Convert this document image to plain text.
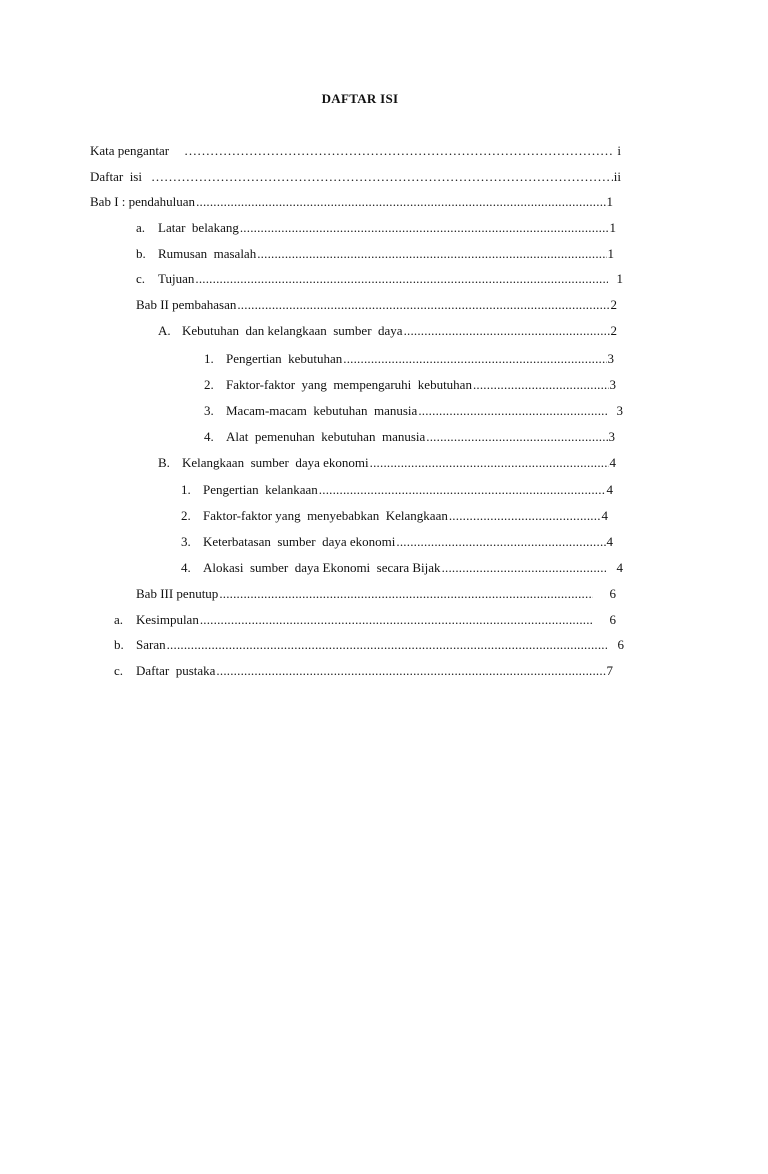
DAFTAR ISI
Kata pengantar …………………………………………………………………………………………………………………………………………………………………………	i
Daftar  isi …………………………………………………………………………………………………………………………………………………………………………	ii
Bab I : pendahuluan .....	1
a. Latar  belakang .....	1
b. Rumusan  masalah .....	1
c. Tujuan .....	1
Bab II pembahasan .....	2
A. Kebutuhan  dan kelangkaan  sumber  daya .....	2
1. Pengertian  kebutuhan .....	3
2. Faktor-faktor  yang  mempengaruhi  kebutuhan .....	3
3. Macam-macam  kebutuhan  manusia .....	3
4. Alat  pemenuhan  kebutuhan  manusia .....	3
B. Kelangkaan  sumber  daya ekonomi .....	4
1. Pengertian  kelankaan .....	4
2. Faktor-faktor yang  menyebabkan  Kelangkaan .....	4
3. Keterbatasan  sumber  daya ekonomi .....	4
4. Alokasi  sumber  daya Ekonomi  secara Bijak .....	4
Bab III penutup .....	6
a. Kesimpulan .....	6
b. Saran .....	6
c. Daftar  pustaka .....	7
